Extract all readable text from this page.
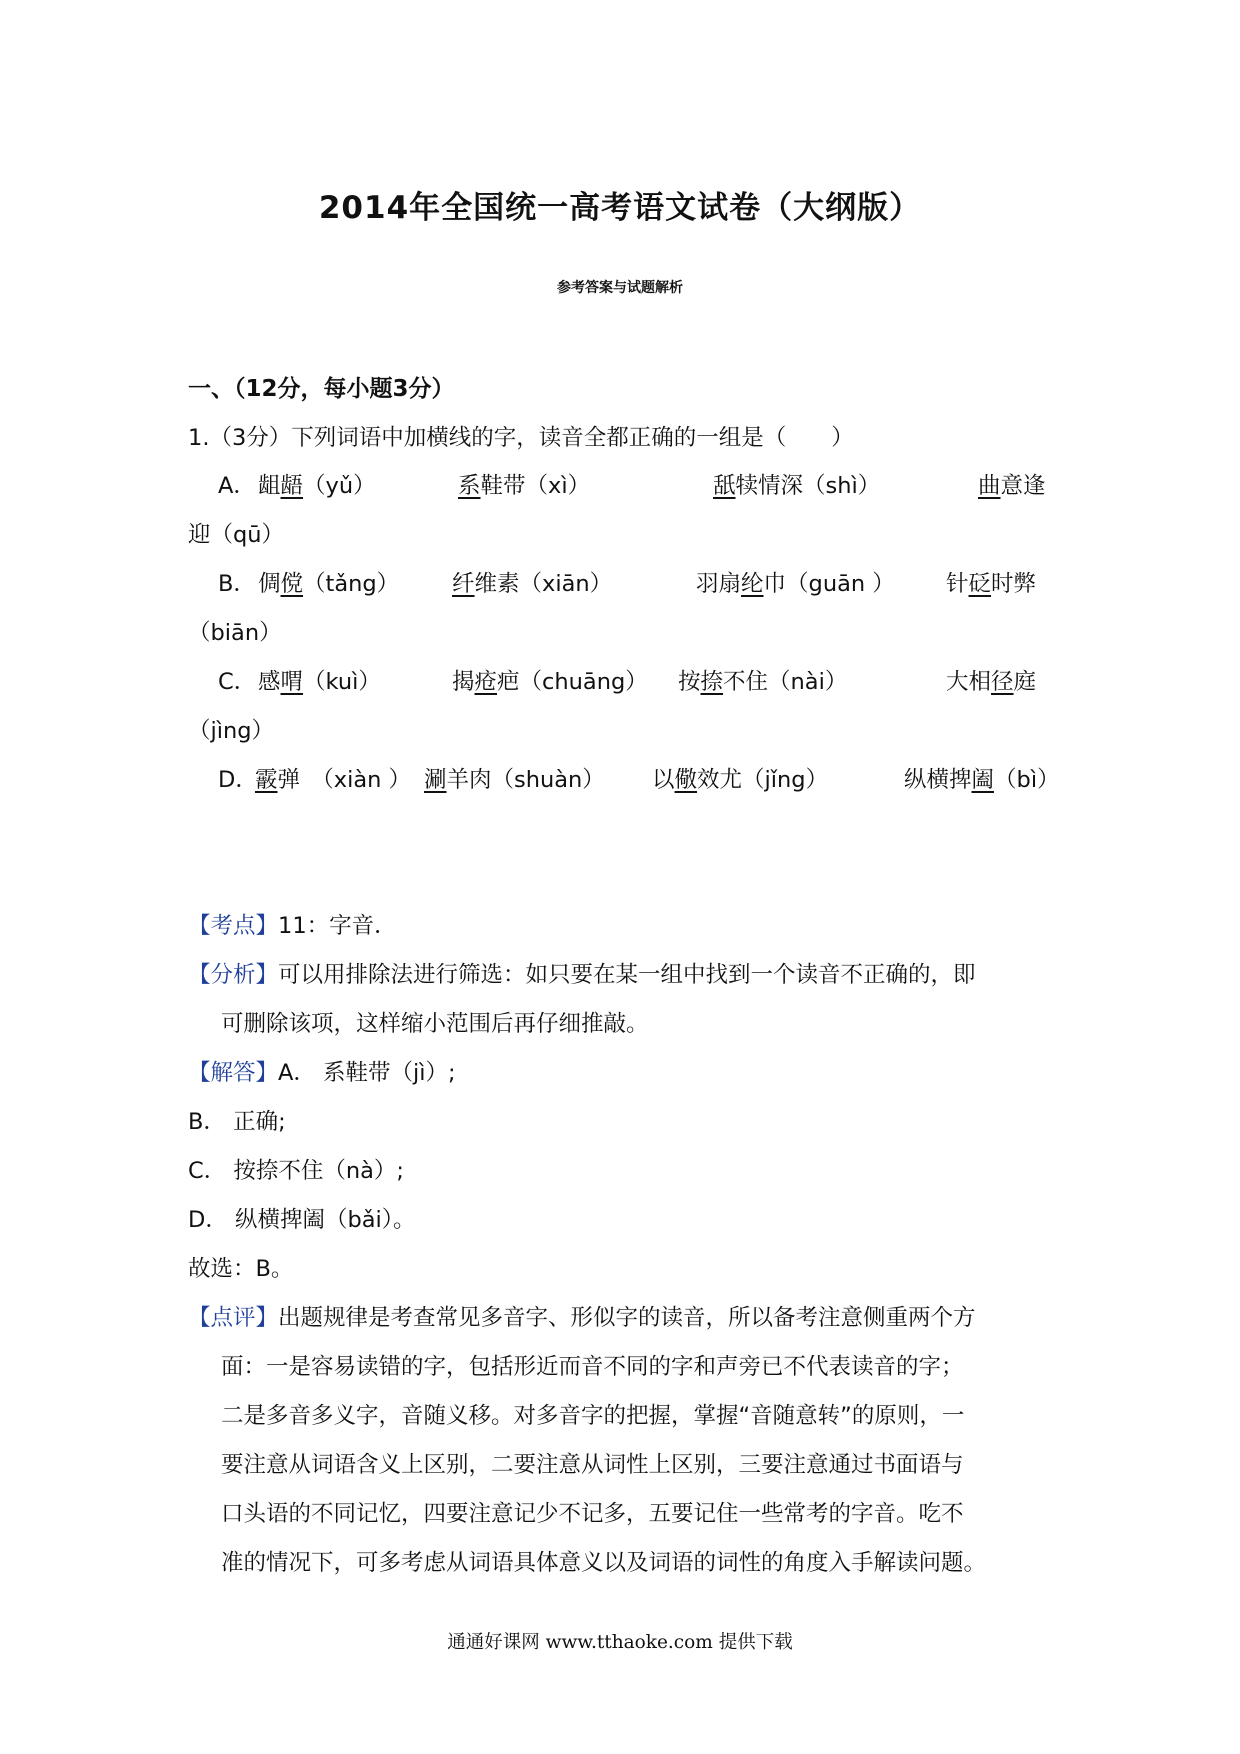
2014年全国统一高考语文试卷（大纲版）
参考答案与试题解析
一、（12分，每小题3分）
1.（3分）下列词语中加横线的字，读音全都正确的一组是（　　）
A． 龃龉（yǔ）	系鞋带（xì）	舐犊情深（shì）	曲意逢
迎（qū）
B． 倜傥（tǎng） 纤维素（xiān）	羽扇纶巾（guān ） 针砭时弊
（biān）
C． 感喟（kuì）	揭疮疤（chuāng） 按捺不住（nài）	大相径庭
（jìng）
D．
霰弹　（xiàn ） 涮羊肉（shuàn） 以儆效尤（jǐng）	纵横捭阖（bì）
【考点】11：字音．
【分析】可以用排除法进行筛选：如只要在某一组中找到一个读音不正确的，即
可删除该项，这样缩小范围后再仔细推敲。
【解答】A． 系鞋带（jì）;
B． 正确;
C． 按捺不住（nà）;
D． 纵横捭阖（bǎi）。
故选：B。
【点评】出题规律是考查常见多音字、形似字的读音，所以备考注意侧重两个方
面：一是容易读错的字，包括形近而音不同的字和声旁已不代表读音的字；
二是多音多义字，音随义移。对多音字的把握，掌握“音随意转”的原则，一
要注意从词语含义上区别，二要注意从词性上区别，三要注意通过书面语与
口头语的不同记忆，四要注意记少不记多，五要记住一些常考的字音。吃不
准的情况下，可多考虑从词语具体意义以及词语的词性的角度入手解读问题。
通通好课网 www.tthaoke.com 提供下载
